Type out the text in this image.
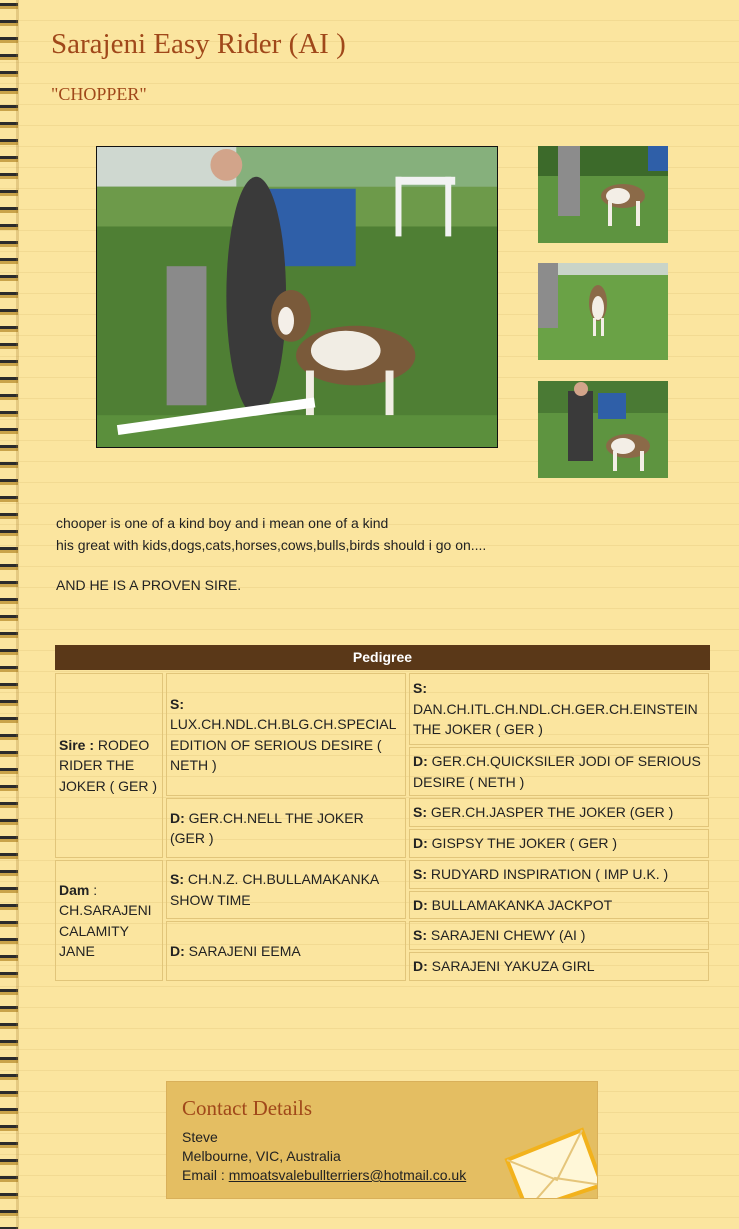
Sarajeni Easy Rider (AI )
"CHOPPER"

chooper is one of a kind boy and i mean one of a kind

his great with kids,dogs,cats,horses,cows,bulls,birds should i go on....

AND HE IS A PROVEN SIRE.

Pedigree
Sire : RODEO RIDER THE JOKER ( GER )
Dam : CH.SARAJENI CALAMITY JANE
S:
LUX.CH.NDL.CH.BLG.CH.SPECIAL EDITION OF SERIOUS DESIRE ( NETH )
D: GER.CH.NELL THE JOKER (GER )
S: CH.N.Z. CH.BULLAMAKANKA SHOW TIME
D: SARAJENI EEMA
S:
DAN.CH.ITL.CH.NDL.CH.GER.CH.EINSTEIN THE JOKER ( GER )
D: GER.CH.QUICKSILER JODI OF SERIOUS DESIRE ( NETH )
S: GER.CH.JASPER THE JOKER (GER )
D: GISPSY THE JOKER ( GER )
S: RUDYARD INSPIRATION ( IMP U.K. )
D: BULLAMAKANKA JACKPOT
S: SARAJENI CHEWY (AI )
D: SARAJENI YAKUZA GIRL
Contact Details
Steve
Melbourne, VIC, Australia
Email : mmoatsvalebullterriers@hotmail.co.uk
